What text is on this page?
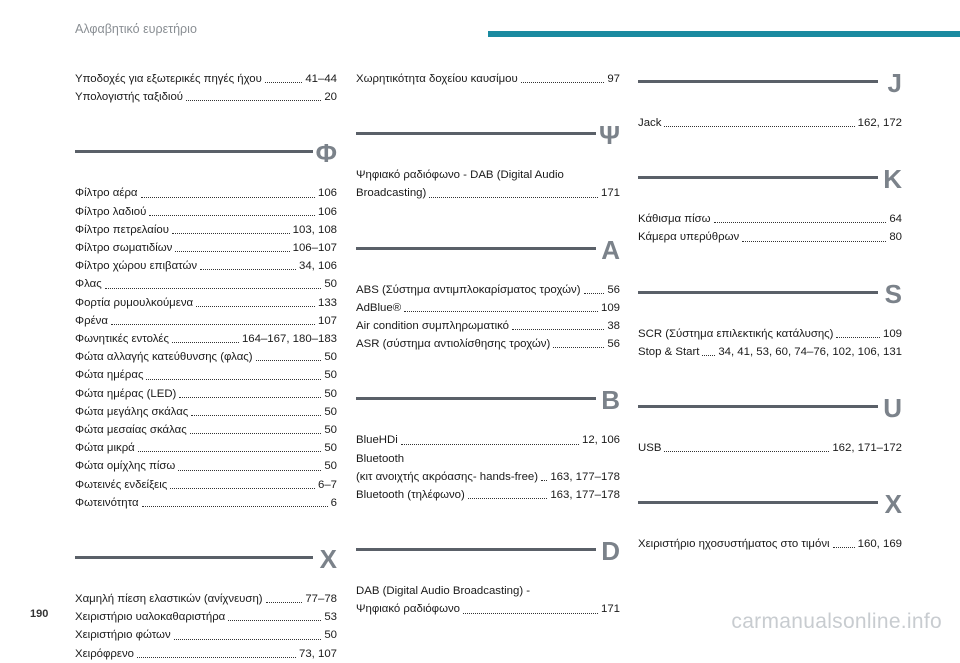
Αλφαβητικό ευρετήριο
Υποδοχές για εξωτερικές πηγές ήχου	41–44
Υπολογιστής ταξιδιού	20
Φ
Φίλτρο αέρα	106
Φίλτρο λαδιού	106
Φίλτρο πετρελαίου	103, 108
Φίλτρο σωματιδίων	106–107
Φίλτρο χώρου επιβατών	34, 106
Φλας	50
Φορτία ρυμουλκούμενα	133
Φρένα	107
Φωνητικές εντολές	164–167, 180–183
Φώτα αλλαγής κατεύθυνσης (φλας)	50
Φώτα ημέρας	50
Φώτα ημέρας (LED)	50
Φώτα μεγάλης σκάλας	50
Φώτα μεσαίας σκάλας	50
Φώτα μικρά	50
Φώτα ομίχλης πίσω	50
Φωτεινές ενδείξεις	6–7
Φωτεινότητα	6
Χ
Χαμηλή πίεση ελαστικών (ανίχνευση)	77–78
Χειριστήριο υαλοκαθαριστήρα	53
Χειριστήριο φώτων	50
Χειρόφρενο	73, 107
Χωρητικότητα δοχείου καυσίμου	97
Ψ
Ψηφιακό ραδιόφωνο - DAB (Digital Audio
Broadcasting)	171
A
ABS (Σύστημα αντιμπλοκαρίσματος τροχών) 56
AdBlue®	109
Air condition συμπληρωματικό	38
ASR (σύστημα αντιολίσθησης τροχών)	56
B
BlueHDi	12, 106
Bluetooth
(κιτ ανοιχτής ακρόασης- hands-free) 163, 177–178
Bluetooth (τηλέφωνο)	163, 177–178
D
DAB (Digital Audio Broadcasting) -
Ψηφιακό ραδιόφωνο	171
J
Jack	162, 172
K
Κάθισμα πίσω	64
Κάμερα υπερύθρων	80
S
SCR (Σύστημα επιλεκτικής κατάλυσης)	109
Stop & Start 34, 41, 53, 60, 74–76, 102, 106, 131
U
USB	162, 171–172
X
Χειριστήριο ηχοσυστήματος στο τιμόνι 160, 169
190	carmanualsonline.info
